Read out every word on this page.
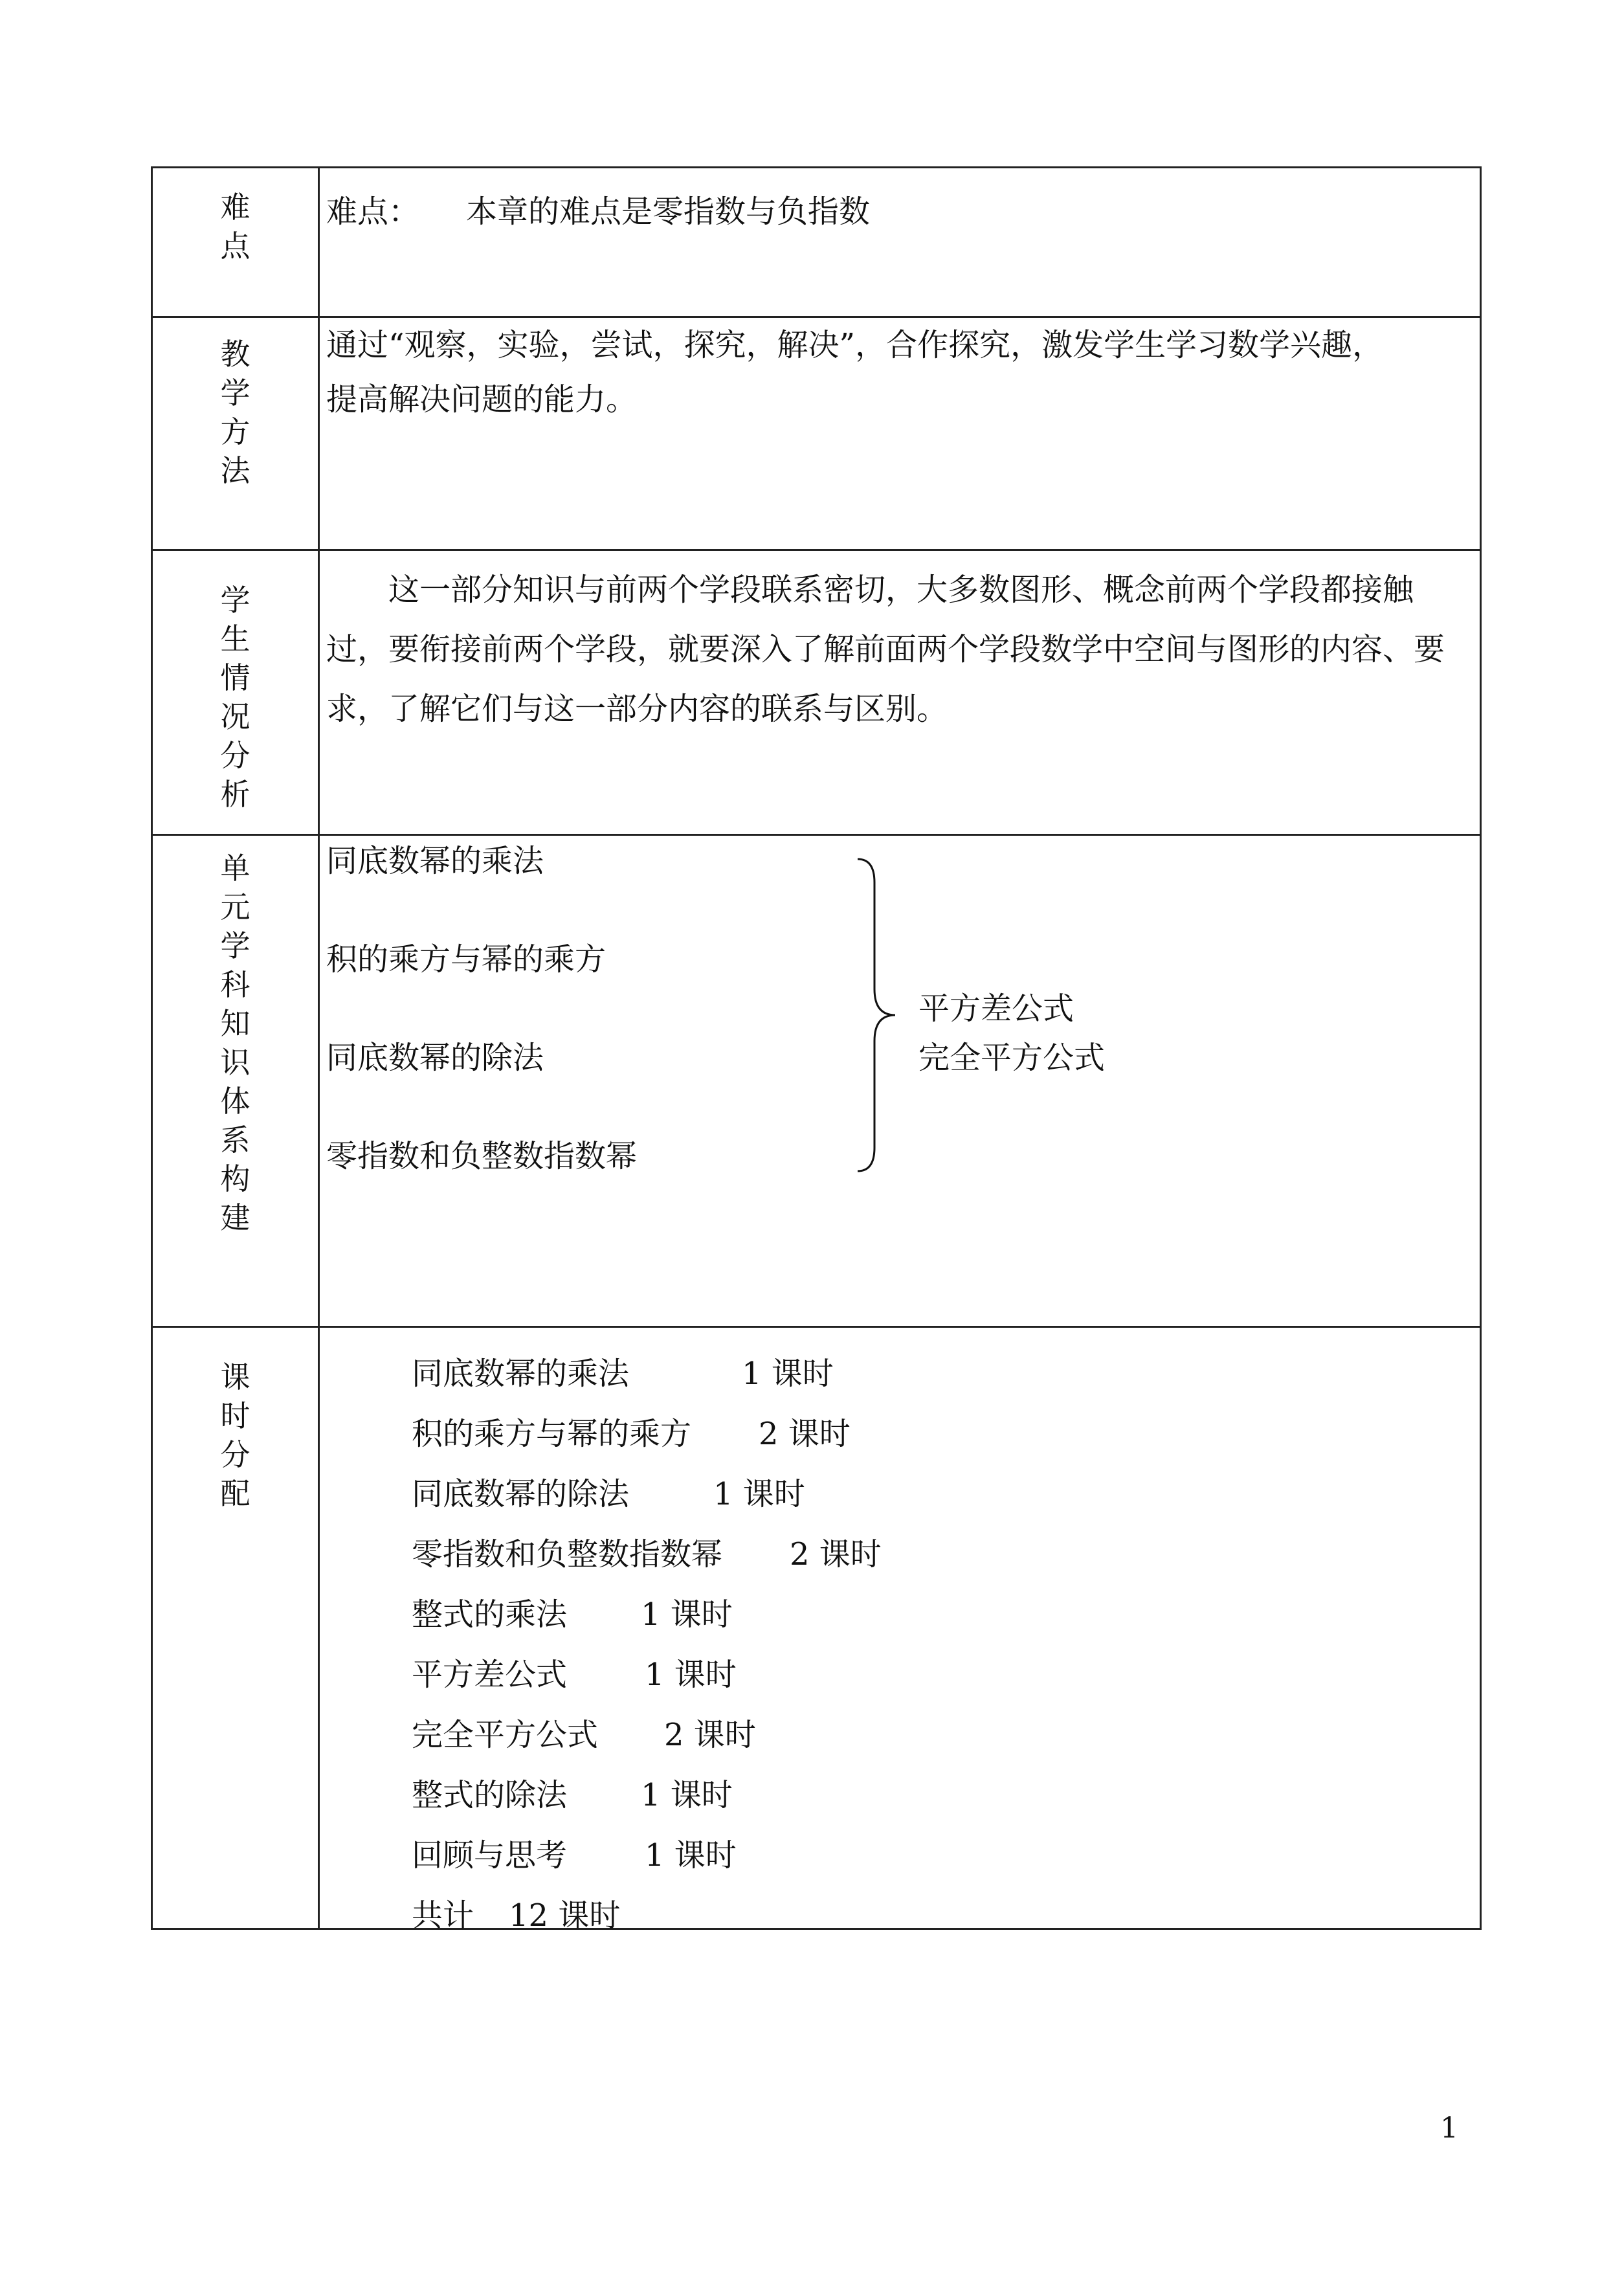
难
点
难点： 本章的难点是零指数与负指数
教
学
方
法
通过“观察，实验，尝试，探究，解决”，合作探究，激发学生学习数学兴趣，
提高解决问题的能力。
学
生
情
况
分
析
这一部分知识与前两个学段联系密切，大多数图形、概念前两个学段都接触过，要衔接前两个学段，就要深入了解前面两个学段数学中空间与图形的内容、要求，了解它们与这一部分内容的联系与区别。
单
元
学
科
知
识
体
系
构
建
同底数幂的乘法
积的乘方与幂的乘方
同底数幂的除法
零指数和负整数指数幂
平方差公式
完全平方公式
课
时
分
配
同底数幂的乘法	1 课时
积的乘方与幂的乘方	2 课时
同底数幂的除法	1 课时
零指数和负整数指数幂	2 课时
整式的乘法	1 课时
平方差公式	1 课时
完全平方公式	2 课时
整式的除法	1 课时
回顾与思考	1 课时
共计	12 课时
1
